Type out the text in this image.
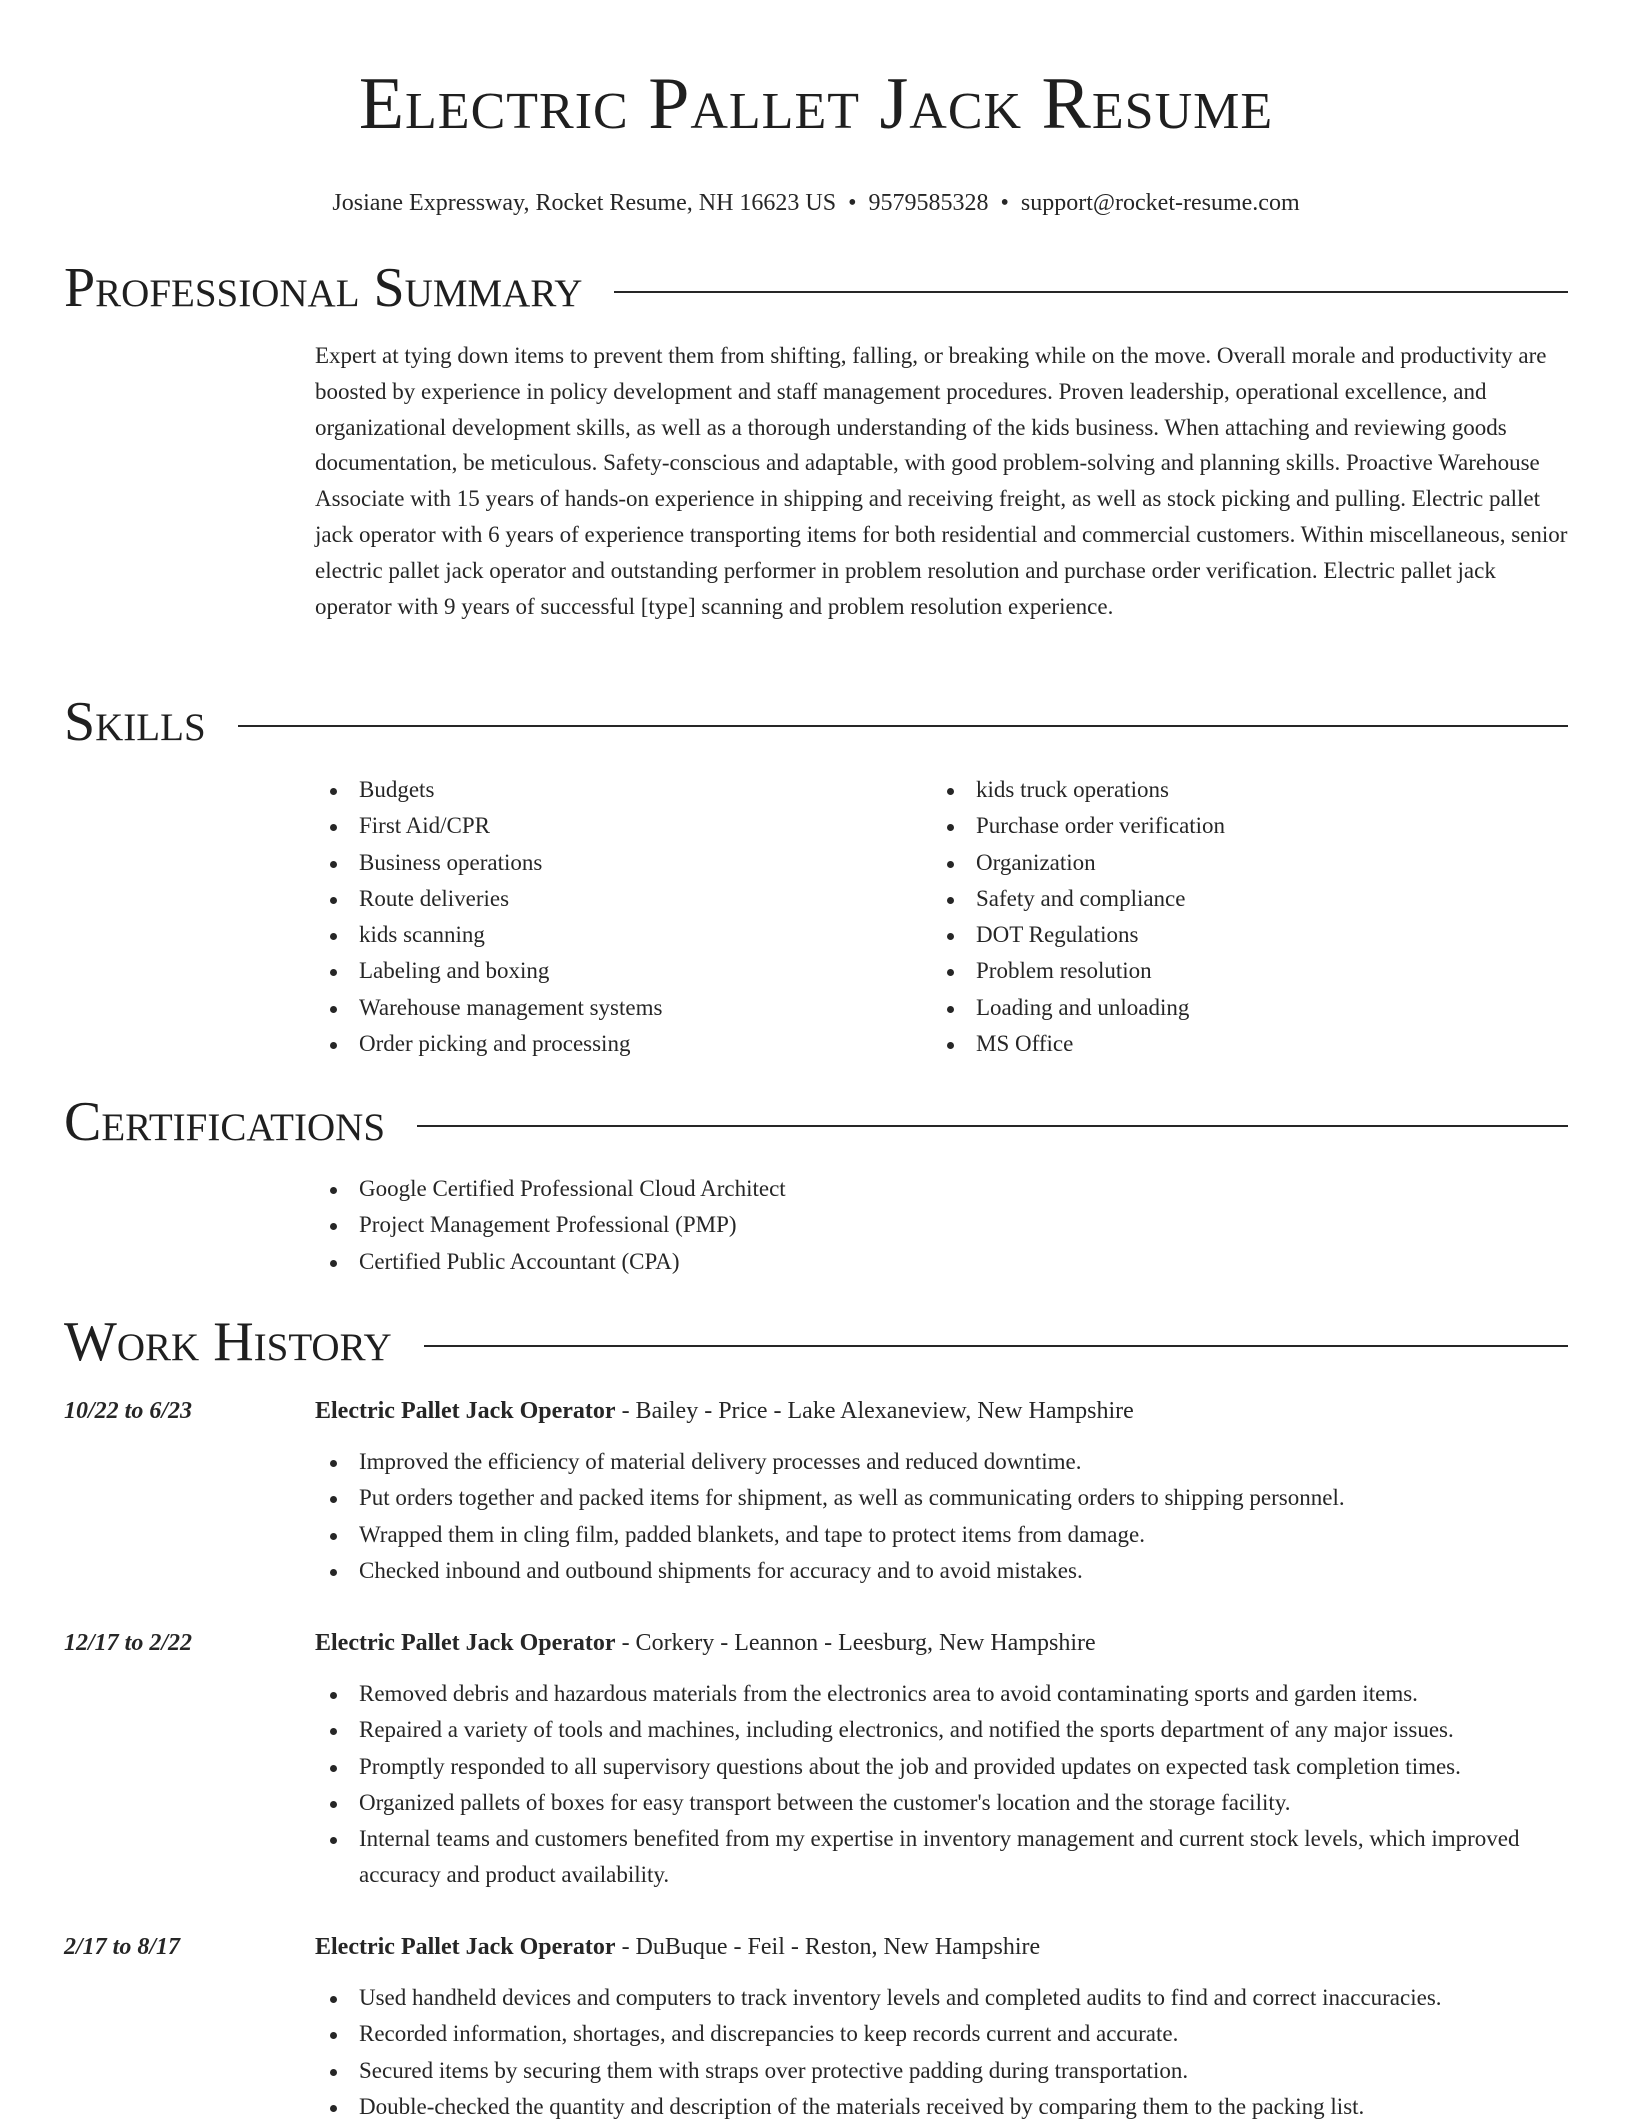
Electric Pallet Jack Resume
Josiane Expressway, Rocket Resume, NH 16623 US • 9579585328 • support@rocket-resume.com
Professional Summary

Expert at tying down items to prevent them from shifting, falling, or breaking while on the move. Overall morale and productivity are boosted by experience in policy development and staff management procedures. Proven leadership, operational excellence, and organizational development skills, as well as a thorough understanding of the kids business. When attaching and reviewing goods documentation, be meticulous. Safety-conscious and adaptable, with good problem-solving and planning skills. Proactive Warehouse Associate with 15 years of hands-on experience in shipping and receiving freight, as well as stock picking and pulling. Electric pallet jack operator with 6 years of experience transporting items for both residential and commercial customers. Within miscellaneous, senior electric pallet jack operator and outstanding performer in problem resolution and purchase order verification. Electric pallet jack operator with 9 years of successful [type] scanning and problem resolution experience.

Skills
Budgets
First Aid/CPR
Business operations
Route deliveries
kids scanning
Labeling and boxing
Warehouse management systems
Order picking and processing
kids truck operations
Purchase order verification
Organization
Safety and compliance
DOT Regulations
Problem resolution
Loading and unloading
MS Office
Certifications
Google Certified Professional Cloud Architect
Project Management Professional (PMP)
Certified Public Accountant (CPA)
Work History
10/22 to 6/23	Electric Pallet Jack Operator - Bailey - Price - Lake Alexaneview, New Hampshire
Improved the efficiency of material delivery processes and reduced downtime.
Put orders together and packed items for shipment, as well as communicating orders to shipping personnel.
Wrapped them in cling film, padded blankets, and tape to protect items from damage.
Checked inbound and outbound shipments for accuracy and to avoid mistakes.
12/17 to 2/22	Electric Pallet Jack Operator - Corkery - Leannon - Leesburg, New Hampshire
Removed debris and hazardous materials from the electronics area to avoid contaminating sports and garden items.
Repaired a variety of tools and machines, including electronics, and notified the sports department of any major issues.
Promptly responded to all supervisory questions about the job and provided updates on expected task completion times.
Organized pallets of boxes for easy transport between the customer's location and the storage facility.
Internal teams and customers benefited from my expertise in inventory management and current stock levels, which improved accuracy and product availability.
2/17 to 8/17	Electric Pallet Jack Operator - DuBuque - Feil - Reston, New Hampshire
Used handheld devices and computers to track inventory levels and completed audits to find and correct inaccuracies.
Recorded information, shortages, and discrepancies to keep records current and accurate.
Secured items by securing them with straps over protective padding during transportation.
Double-checked the quantity and description of the materials received by comparing them to the packing list.
